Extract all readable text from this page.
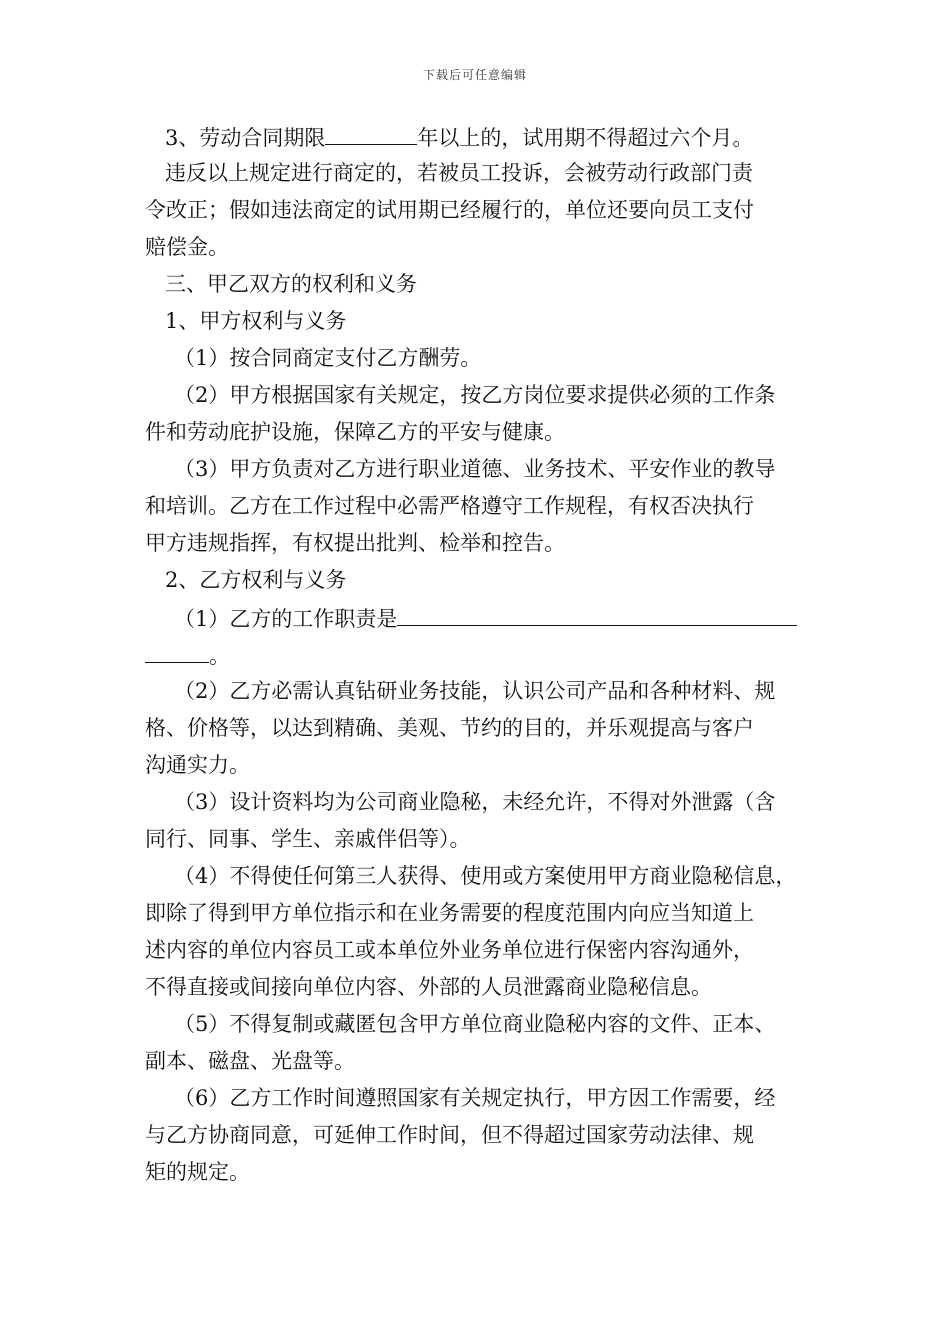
下载后可任意编辑
3、劳动合同期限	年以上的，试用期不得超过六个月。
违反以上规定进行商定的，若被员工投诉，会被劳动行政部门责
令改正；假如违法商定的试用期已经履行的，单位还要向员工支付
赔偿金。
三、甲乙双方的权利和义务
1、甲方权利与义务
（1）按合同商定支付乙方酬劳。
（2）甲方根据国家有关规定，按乙方岗位要求提供必须的工作条
件和劳动庇护设施，保障乙方的平安与健康。
（3）甲方负责对乙方进行职业道德、业务技术、平安作业的教导
和培训。乙方在工作过程中必需严格遵守工作规程，有权否决执行
甲方违规指挥，有权提出批判、检举和控告。
2、乙方权利与义务
（1）乙方的工作职责是
。
（2）乙方必需认真钻研业务技能，认识公司产品和各种材料、规
格、价格等，以达到精确、美观、节约的目的，并乐观提高与客户
沟通实力。
（3）设计资料均为公司商业隐秘，未经允许，不得对外泄露（含
同行、同事、学生、亲戚伴侣等）。
（4）不得使任何第三人获得、使用或方案使用甲方商业隐秘信息，
即除了得到甲方单位指示和在业务需要的程度范围内向应当知道上
述内容的单位内容员工或本单位外业务单位进行保密内容沟通外，
不得直接或间接向单位内容、外部的人员泄露商业隐秘信息。
（5）不得复制或藏匿包含甲方单位商业隐秘内容的文件、正本、
副本、磁盘、光盘等。
（6）乙方工作时间遵照国家有关规定执行，甲方因工作需要，经
与乙方协商同意，可延伸工作时间，但不得超过国家劳动法律、规
矩的规定。
